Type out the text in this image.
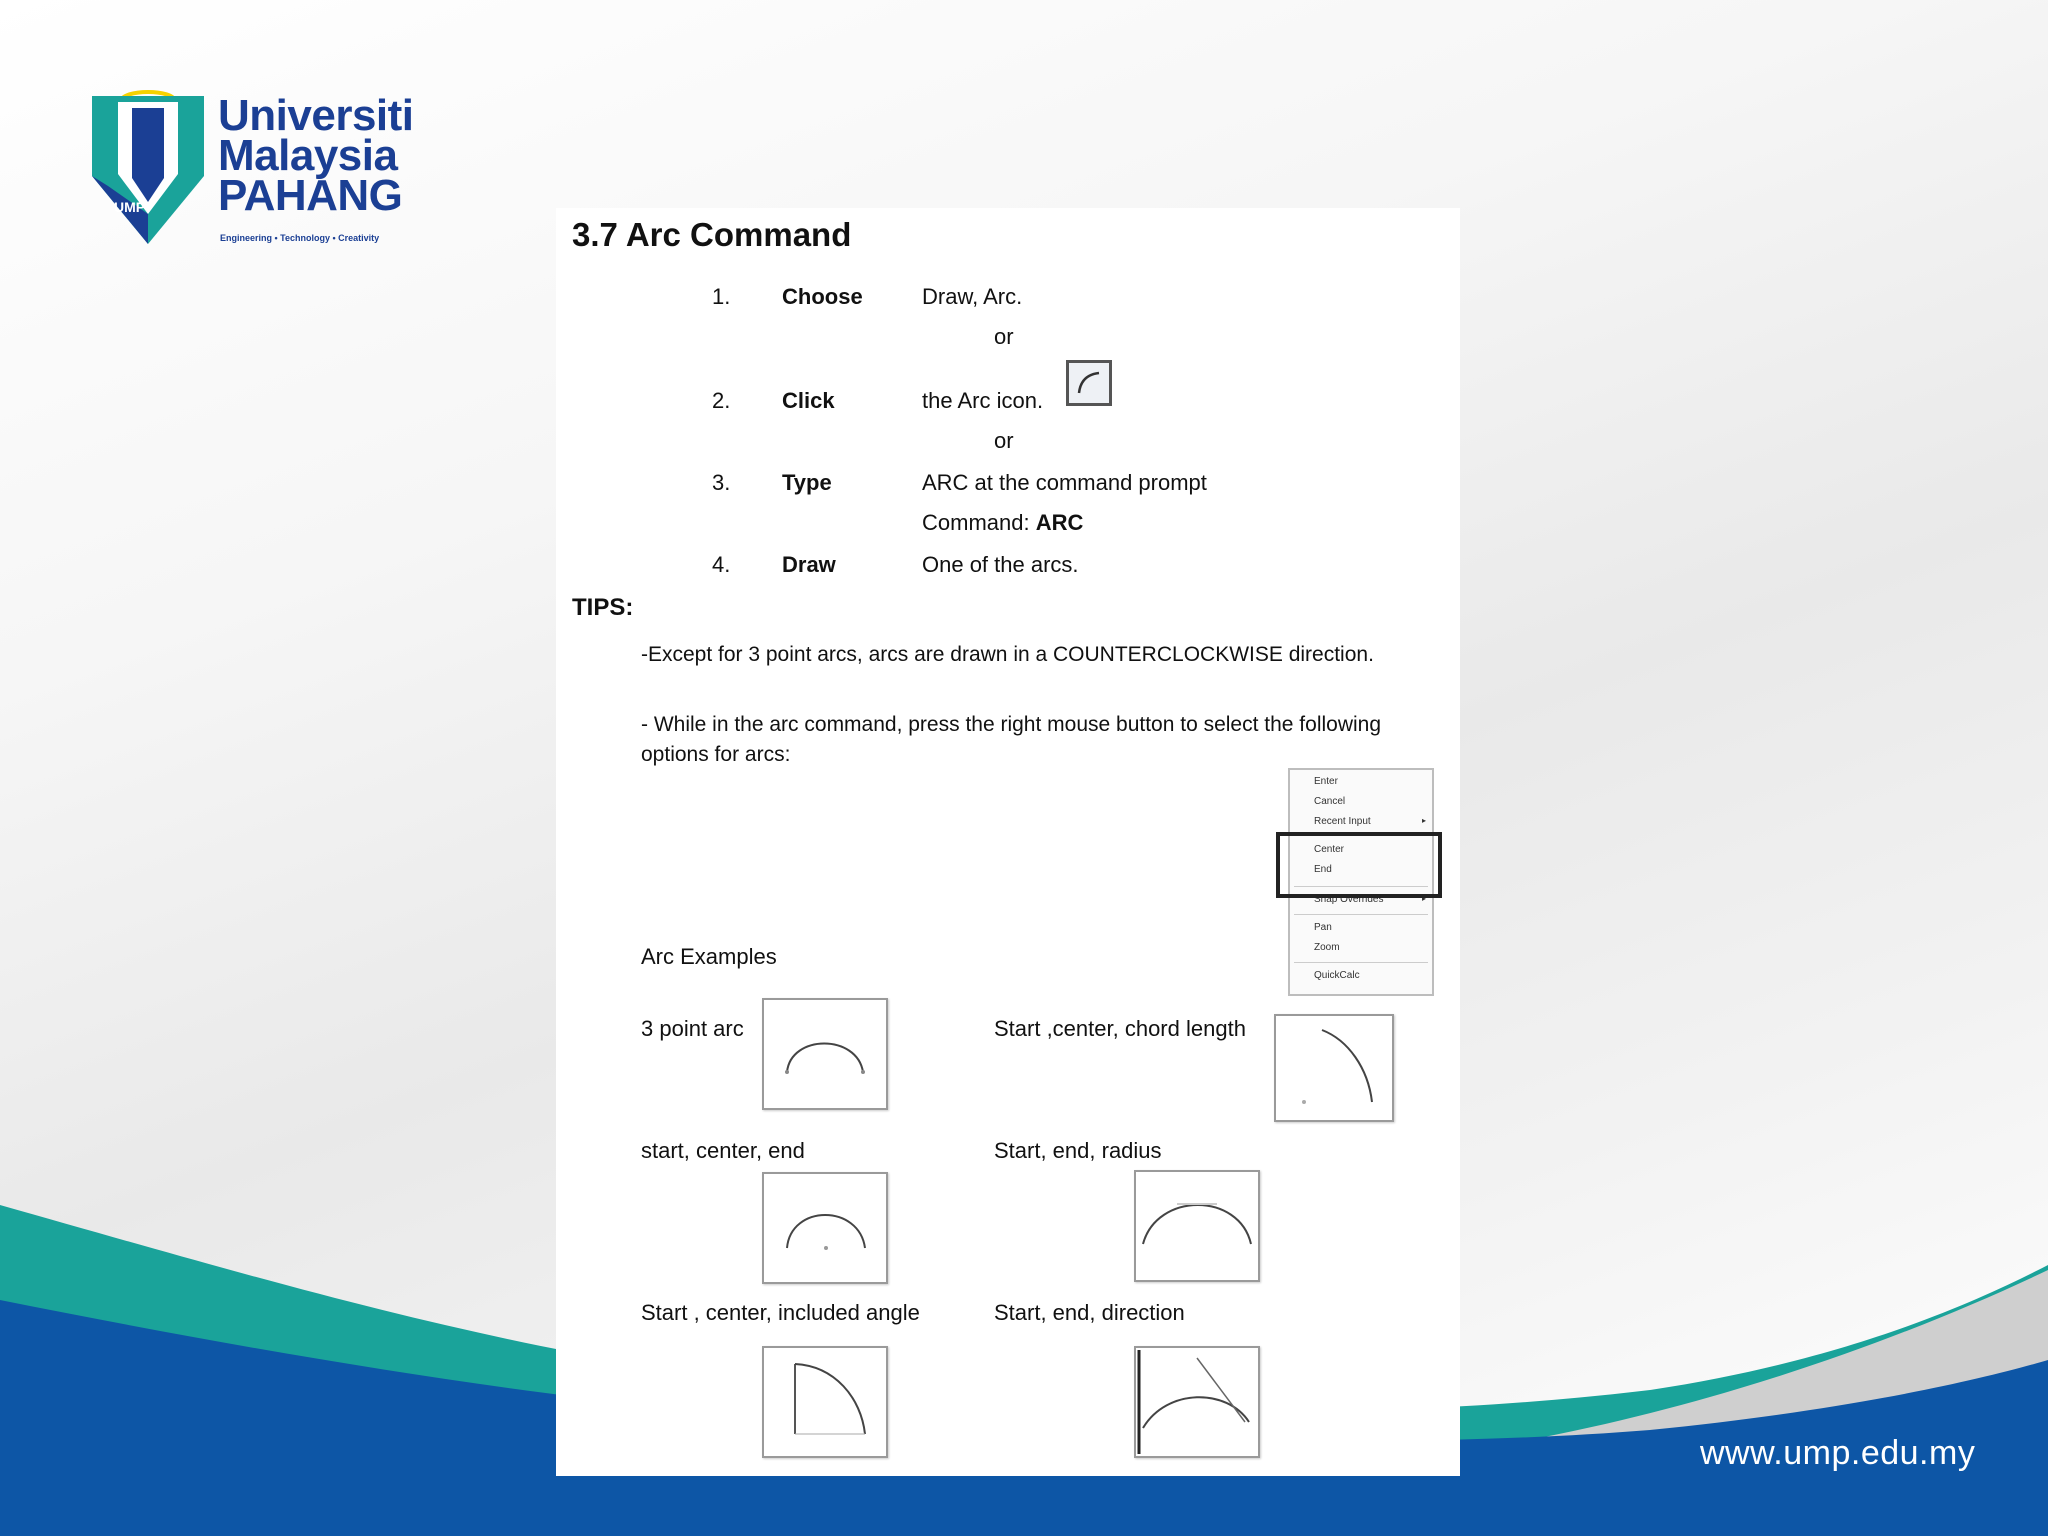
UMP
Universiti
Malaysia
PAHANG
Engineering • Technology • Creativity	3.7 Arc Command
1. Choose	Draw, Arc.
or
2. Click	the Arc icon.
or
3. Type	ARC at the command prompt
Command: ARC
4. Draw	One of the arcs.
TIPS:
-Except for 3 point arcs, arcs are drawn in a COUNTERCLOCKWISE direction.
- While in the arc command, press the right mouse button to select the following options for arcs:
Enter
Cancel
Recent Input	▸
Center
End
Snap Overrides	▸
Pan
Zoom
QuickCalc
Arc Examples
3 point arc	Start ,center, chord length
start, center, end	Start, end, radius
Start , center, included angle	Start, end, direction
www.ump.edu.my
